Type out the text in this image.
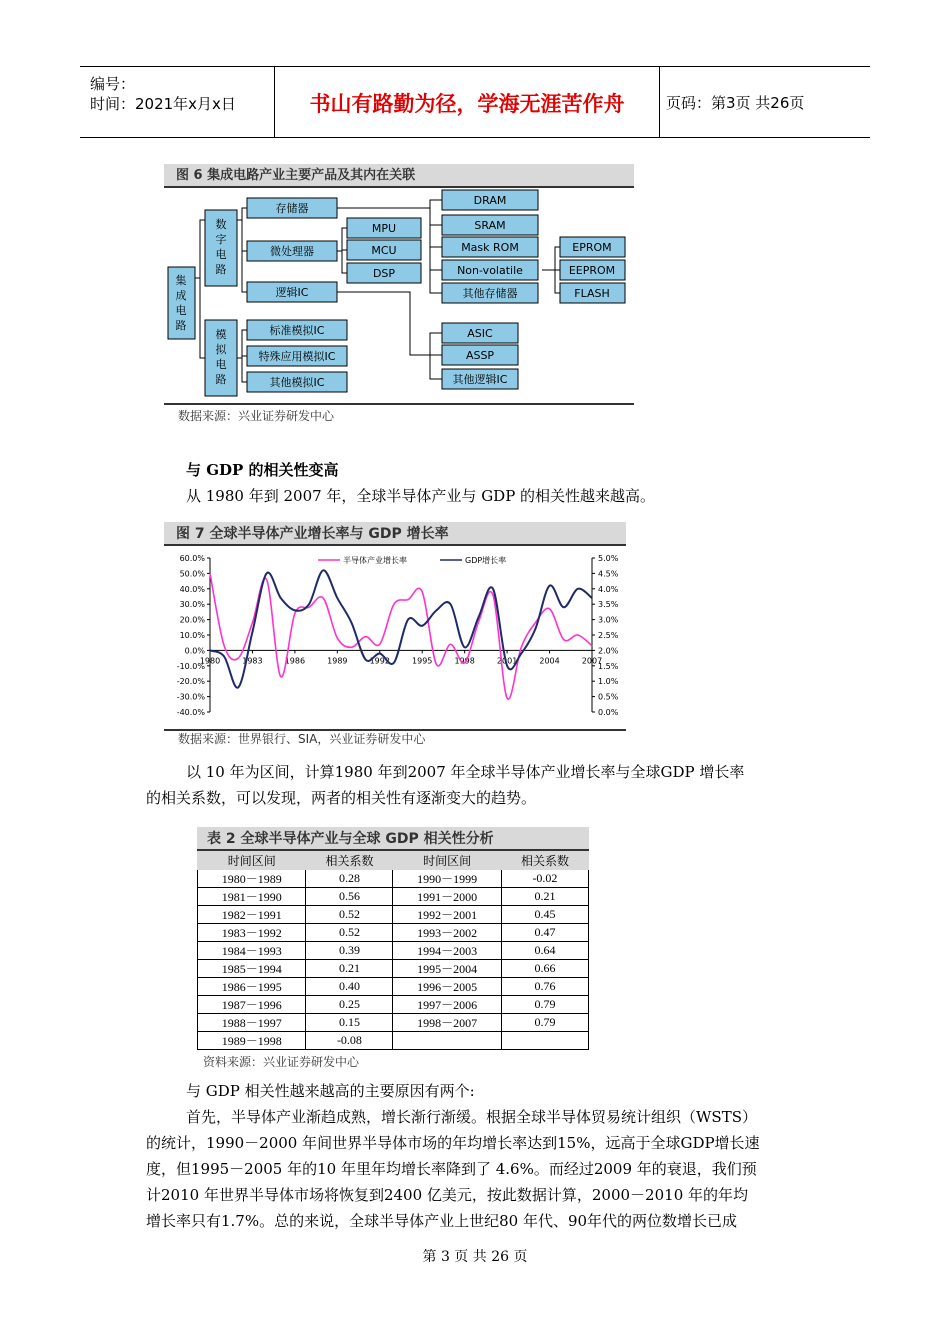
编号：
时间：2021年x月x日	书山有路勤为径，学海无涯苦作舟	页码：第3页 共26页
图 6 集成电路产业主要产品及其内在关联
集成电路
数字电路
模拟电路
存储器
微处理器
逻辑IC
标准模拟IC
特殊应用模拟IC
其他模拟IC
MPU
MCU
DSP
DRAM
SRAM
Mask ROM
Non-volatile
其他存储器
EPROM
EEPROM
FLASH
ASIC
ASSP
其他逻辑IC
数据来源：兴业证券研发中心
与 GDP 的相关性变高
从 1980 年到 2007 年，全球半导体产业与 GDP 的相关性越来越高。
图 7 全球半导体产业增长率与 GDP 增长率
60.0%
50.0%
40.0%
30.0%
20.0%
10.0%
0.0%
-10.0%
-20.0%
-30.0%
-40.0%
5.0%
4.5%
4.0%
3.5%
3.0%
2.5%
2.0%
1.5%
1.0%
0.5%
0.0%
1980	1983	1986	1989	1992	1995	1998	2001	2004	2007
半导体产业增长率	GDP增长率
数据来源：世界银行、SIA，兴业证券研发中心
以 10 年为区间，计算1980 年到2007 年全球半导体产业增长率与全球GDP 增长率
的相关系数，可以发现，两者的相关性有逐渐变大的趋势。
表 2 全球半导体产业与全球 GDP 相关性分析
时间区间	相关系数	时间区间	相关系数
1980－1989	0.28	1990－1999	-0.02
1981－1990	0.56	1991－2000	0.21
1982－1991	0.52	1992－2001	0.45
1983－1992	0.52	1993－2002	0.47
1984－1993	0.39	1994－2003	0.64
1985－1994	0.21	1995－2004	0.66
1986－1995	0.40	1996－2005	0.76
1987－1996	0.25	1997－2006	0.79
1988－1997	0.15	1998－2007	0.79
1989－1998	-0.08		
资料来源：兴业证券研发中心
与 GDP 相关性越来越高的主要原因有两个:
首先，半导体产业渐趋成熟，增长渐行渐缓。根据全球半导体贸易统计组织（WSTS）
的统计，1990－2000 年间世界半导体市场的年均增长率达到15%，远高于全球GDP增长速
度，但1995－2005 年的10 年里年均增长率降到了 4.6%。而经过2009 年的衰退，我们预
计2010 年世界半导体市场将恢复到2400 亿美元，按此数据计算，2000－2010 年的年均
增长率只有1.7%。总的来说，全球半导体产业上世纪80 年代、90年代的两位数增长已成
第 3 页 共 26 页
